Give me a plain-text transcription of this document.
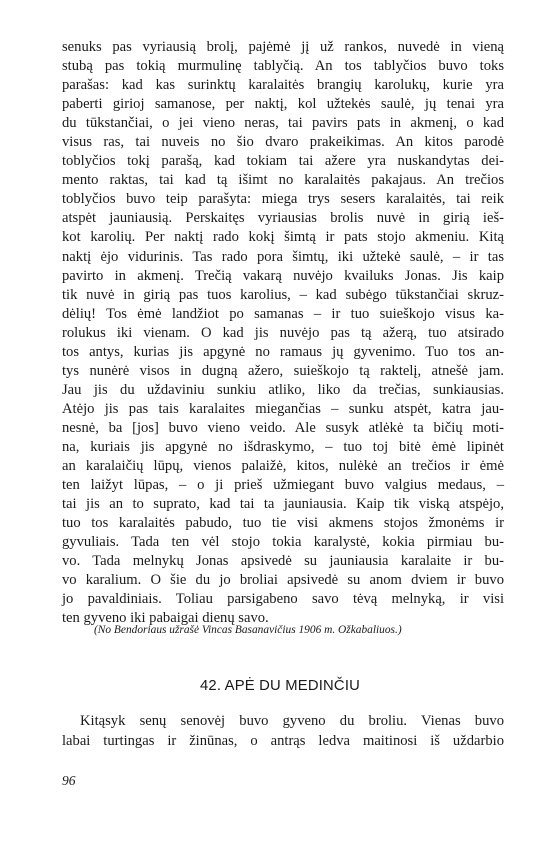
senuks pas vyriausią brolį, pajėmė jį už rankos, nuvedė in vieną
stubą pas tokią murmulinę tablyčią. An tos tablyčios buvo toks
parašas: kad kas surinktų karalaitės brangių karolukų, kurie yra
paberti girioj samanose, per naktį, kol užtekės saulė, jų tenai yra
du tūkstančiai, o jei vieno neras, tai pavirs pats in akmenį, o kad
visus ras, tai nuveis no šio dvaro prakeikimas. An kitos parodė
toblyčios tokį parašą, kad tokiam tai ažere yra nuskandytas dei-
mento raktas, tai kad tą išimt no karalaitės pakajaus. An trečios
toblyčios buvo teip parašyta: miega trys sesers karalaitės, tai reik
atspėt jauniausią. Perskaitęs vyriausias brolis nuvė in girią ieš-
kot karolių. Per naktį rado kokį šimtą ir pats stojo akmeniu. Kitą
naktį ėjo vidurinis. Tas rado pora šimtų, iki užtekė saulė, – ir tas
pavirto in akmenį. Trečią vakarą nuvėjo kvailuks Jonas. Jis kaip
tik nuvė in girią pas tuos karolius, – kad subėgo tūkstančiai skruz-
dėlių! Tos ėmė landžiot po samanas – ir tuo suieškojo visus ka-
rolukus iki vienam. O kad jis nuvėjo pas tą ažerą, tuo atsirado
tos antys, kurias jis apgynė no ramaus jų gyvenimo. Tuo tos an-
tys nunėrė visos in dugną ažero, suieškojo tą raktelį, atnešė jam.
Jau jis du uždaviniu sunkiu atliko, liko da trečias, sunkiausias.
Atėjo jis pas tais karalaites miegančias – sunku atspėt, katra jau-
nesnė, ba [jos] buvo vieno veido. Ale susyk atlėkė ta bičių moti-
na, kuriais jis apgynė no išdraskymo, – tuo toj bitė ėmė lipinėt
an karalaičių lūpų, vienos palaižė, kitos, nulėkė an trečios ir ėmė
ten laižyt lūpas, – o ji prieš užmiegant buvo valgius medaus, –
tai jis an to suprato, kad tai ta jauniausia. Kaip tik viską atspėjo,
tuo tos karalaitės pabudo, tuo tie visi akmens stojos žmonėms ir
gyvuliais. Tada ten vėl stojo tokia karalystė, kokia pirmiau bu-
vo. Tada melnykų Jonas apsivedė su jauniausia karalaite ir bu-
vo karalium. O šie du jo broliai apsivedė su anom dviem ir buvo
jo pavaldiniais. Toliau parsigabeno savo tėvą melnyką, ir visi
ten gyveno iki pabaigai dienų savo.
(No Bendoriaus užrašė Vincas Basanavičius 1906 m. Ožkabaliuos.)
42. APĖ DU MEDINČIU
Kitąsyk senų senovėj buvo gyveno du broliu. Vienas buvo
labai turtingas ir žinūnas, o antrąs ledva maitinosi iš uždarbio
96
